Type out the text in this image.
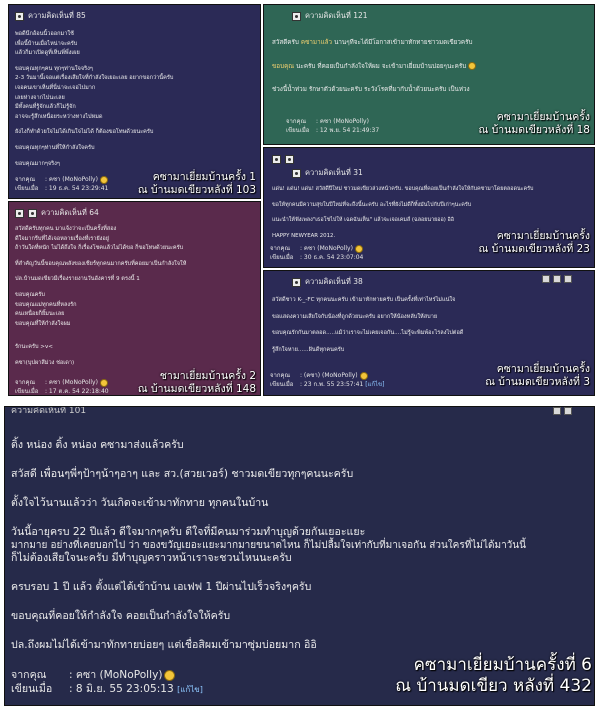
ความคิดเห็นที่ 85
พอดีนึกอ้อนนิ้วออกมาใช้
เพื่อนี้บ้านเมื่อไหน่าจะครับ
แล้วก็มาเปิดดูที่เห็นพี่พึ่งเผย
ขอบคุณทุกๆคน ทุกๆท่านใจจริงๆ
2-3 วันมานี้เจอแต่เรื่องเสียใจที่กำลังใจเยอะเลย อยากขอกว่านี้ครับ
เจอคนเขาเห็นที่นี่น่าจะเจอไปมาก
เลยห่างจากไปนะเลย
มีทั้งคนที่รู้จักแล้วก็ไม่รู้จัก
อาจจะรู้สึกเหนื่อยระหว่างทางไปหมด
ยังไงก็ทำด้วยใจไม่ได้เกินใจไม่ได้ ก็ต้องขอโทษด้วยนะครับ
ขอบคุณทุกๆท่านที่ให้กำลังใจครับ
ขอบคุณมากๆจริงๆ
จากคุณ : คซา (MoNoPolly)
เขียนเมื่อ : 19 ธ.ค. 54 23:29:41
คซามาเยี่ยมบ้านครั้ง 1
ณ บ้านมดเขียวหลังที่ 103
ความคิดเห็นที่ 121
สวัสดีครับ คซามาแล้ว นานๆทีจะได้มีโอกาสเข้ามาทักทายชาวมดเขียวครับ
ขอบคุณ นะครับ ที่คอยเป็นกำลังใจให้ผม จะเข้ามาเยี่ยมบ้านบ่อยๆนะครับ
ช่วงนี้น้ำท่วม รักษาตัวด้วยนะครับ ระวังโรคที่มากับน้ำด้วยนะครับ เป็นห่วง
จากคุณ : คซา (MoNoPolly)
เขียนเมื่อ : 12 พ.ย. 54 21:49:37
คซามาเยี่ยมบ้านครั้ง
ณ บ้านมดเขียวหลังที่ 18
ความคิดเห็นที่ 64
สวัสดีครับทุกคน มาแจ้งว่าจะเป็นครั้งที่สอง
ดีใจมากรีบที่ได้เจอหลายเรื่องที่เรายังอยู่
ถ้าวันใดที่หนัก ไม่ได้ถึงใจ ก็เรื่องโชคแล้วไม่ได้ขอ ก็ขอโทษด้วยนะครับ
ที่สำคัญวันนี้ขอบคุณพลังของเชียร์ทุกคนมากครับที่คอยมาเป็นกำลังใจให้
ปล.บ้านมดเขียวมีเรื่องรายงานวันอังคารที่ 9 ตรงนี้ 1
ขอบคุณครับ
ขอบคุณแม่ทุกคนที่หลงรัก
คนเหนื่อยก็ยิ้มนะเลย
ขอบคุณที่ให้กำลังใจผม
รักนะครับ >v<
คซา(บุปผาสีม่วง ช่อเดา)
จากคุณ : คซา (MoNoPolly)
เขียนเมื่อ : 17 ต.ค. 54 22:18:40
ชามาเยี่ยมบ้านครั้ง 2
ณ บ้านมดเขียวหลังที่ 148
ความคิดเห็นที่ 31
แด่น! แด่น! แด่น! สวัสดีปีใหม่ ชาวมดเขียวล่วงหน้าครับ. ขอบคุณที่คอยเป็นกำลังใจให้กับคซามาโดยตลอดนะครับ
ขอให้ทุกคนมีความสุขในปีใหม่ที่จะถึงนี้นะครับ อะไรที่ยังไม่ดีก็ทิ้งมันไปกับปีเก่าๆนะครับ
แนะนำให้ฟังเพลง"เธอโชไปให้ เฉดฉันเห็น" แล้วจะเจอเคมส์ (ฉลอยนายออ) อิอิ
HAPPY NEWYEAR 2012.
จากคุณ : คซา (MoNoPolly)
เขียนเมื่อ : 30 ธ.ค. 54 23:07:04
คซามาเยี่ยมบ้านครั้ง
ณ บ้านมดเขียวหลังที่ 23
ความคิดเห็นที่ 38
สวัสดีชาว K-_-FC ทุกคนนะครับ เข้ามาทักทายครับ เป็นครั้งที่เท่าไหร่ไม่แน่ใจ
ขอแสดงความเสียใจกับน้องที่ถูกด้วยนะครับ อยากให้น้องหลับให้สบาย
ขอบคุณรักกันมาตลอด.....แม้ว่าเราจะไม่เคยเจอกัน....ไม่รู้จะพิมพ์อะไรลงไปต่อดี
รู้สึกใจหาย......ฝันดีทุกคนครับ
จากคุณ : (คซา) (MoNoPolly)
เขียนเมื่อ : 23 ก.พ. 55 23:57:41 [แก้ไข]
คซามาเยี่ยมบ้านครั้ง
ณ บ้านมดเขียวหลังที่ 3
ความคิดเห็นที่ 101
ติ้ง หน่อง ติ้ง หน่อง คซามาส่งแล้วครับ
สวัสดี เพื่อนๆพี่ๆป้าๆน้าๆอาๆ และ สว.(สวยเวอร์) ชาวมดเขียวทุกๆคนนะครับ
ตั้งใจไว้นานแล้วว่า วันเกิดจะเข้ามาทักทาย ทุกคนในบ้าน
วันนี้อายุครบ 22 ปีแล้ว ดีใจมากๆครับ ดีใจที่มีคนมาร่วมทำบุญด้วยกันเยอะแยะ
มากมาย อย่างที่เคยบอกไป ว่า ของขวัญเยอะแยะมากมายขนาดไหน ก็ไม่ปลื้มใจเท่ากับที่มาเจอกัน ส่วนใครที่ไม่ได้มาวันนี้
ก็ไม่ต้องเสียใจนะครับ มีทำบุญคราวหน้าเราจะชวนไหนนะครับ
ครบรอบ 1 ปี แล้ว ตั้งแต่ได้เข้าบ้าน เอเฟฟ 1 ปีผ่านไปเร็วจริงๆครับ
ขอบคุณที่คอยให้กำลังใจ คอยเป็นกำลังใจให้ครับ
ปล.ถึงผมไม่ได้เข้ามาทักทายบ่อยๆ แต่เชื่อสิผมเข้ามาซุ่มบ่อยมาก อิอิ
จากคุณ : คซา (MoNoPolly)
เขียนเมื่อ : 8 มิ.ย. 55 23:05:13 [แก้ไข]
คซามาเยี่ยมบ้านครั้งที่ 6
ณ บ้านมดเขียว หลังที่ 432
